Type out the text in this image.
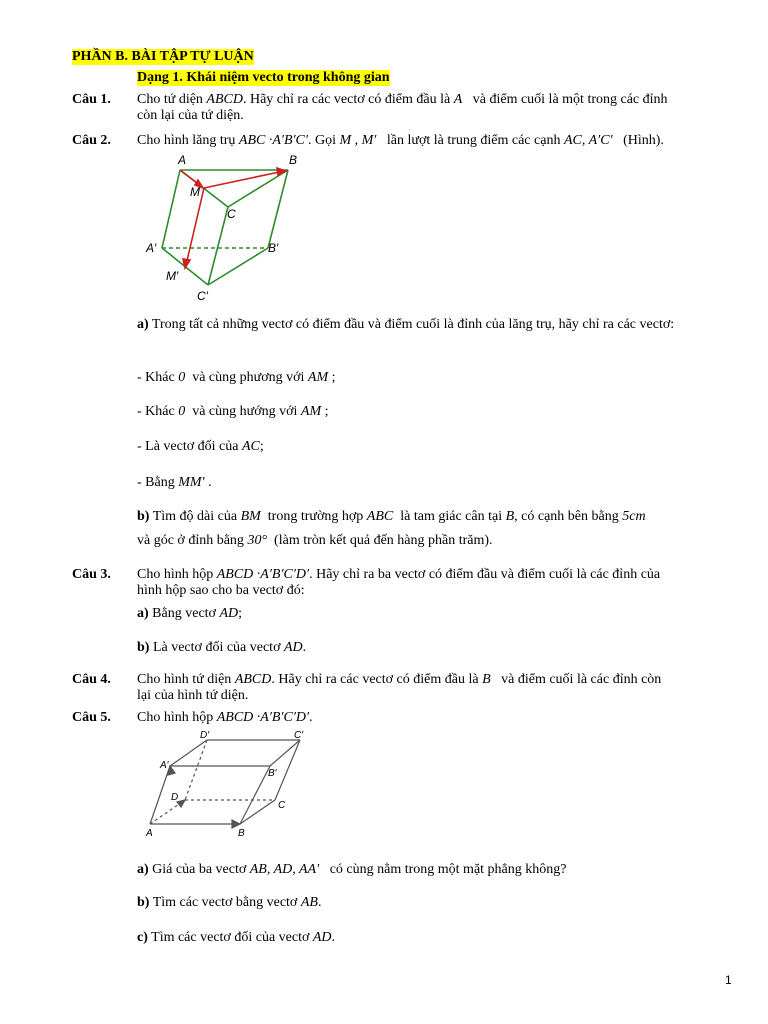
PHẦN B. BÀI TẬP TỰ LUẬN
Dạng 1. Khái niệm vecto trong không gian
Câu 1. Cho tứ diện ABCD. Hãy chỉ ra các vectơ có điểm đầu là A và điểm cuối là một trong các đỉnh
còn lại của tứ diện.
Câu 2. Cho hình lăng trụ ABC ·A′B′C′. Gọi M , M′ lần lượt là trung điểm các cạnh AC, A′C′ (Hình).
A	B
M
C
A′	B′
M′
C′
a) Trong tất cả những vectơ có điểm đầu và điểm cuối là đỉnh của lăng trụ, hãy chỉ ra các vectơ:
- Khác 0 và cùng phương với AM ;
- Khác 0 và cùng hướng với AM ;
- Là vectơ đối của AC;
- Bằng MM′ .
b) Tìm độ dài của BM trong trường hợp ABC là tam giác cân tại B, có cạnh bên bằng 5cm
và góc ở đỉnh bằng 30° (làm tròn kết quả đến hàng phần trăm).
Câu 3. Cho hình hộp ABCD ·A′B′C′D′. Hãy chỉ ra ba vectơ có điểm đầu và điểm cuối là các đỉnh của
hình hộp sao cho ba vectơ đó:
a) Bằng vectơ AD;
b) Là vectơ đối của vectơ AD.
Câu 4. Cho hình tứ diện ABCD. Hãy chỉ ra các vectơ có điểm đầu là B và điểm cuối là các đỉnh còn
lại của hình tứ diện.
Câu 5. Cho hình hộp ABCD ·A′B′C′D′.
D′	C′
A′
B′
D
C
A	B
a) Giá của ba vectơ AB, AD, AA′ có cùng nằm trong một mặt phẳng không?
b) Tìm các vectơ bằng vectơ AB.
c) Tìm các vectơ đối của vectơ AD.
1
